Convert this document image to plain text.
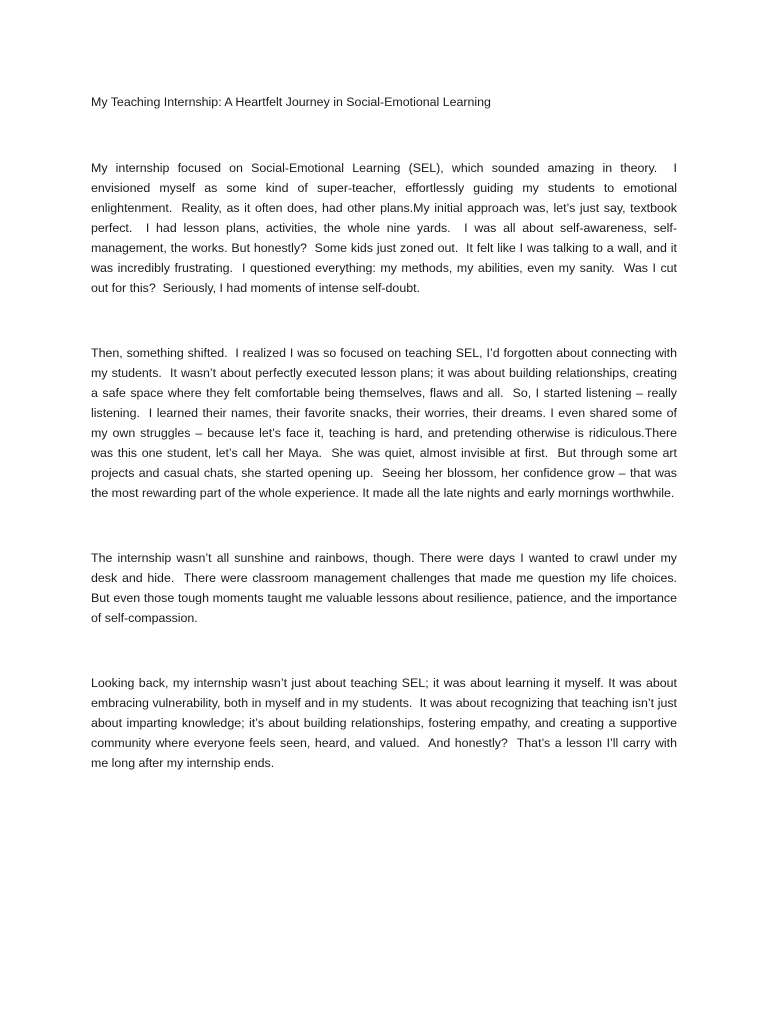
My Teaching Internship: A Heartfelt Journey in Social-Emotional Learning

My internship focused on Social-Emotional Learning (SEL), which sounded amazing in theory.  I envisioned myself as some kind of super-teacher, effortlessly guiding my students to emotional enlightenment.  Reality, as it often does, had other plans.My initial approach was, let’s just say, textbook perfect.  I had lesson plans, activities, the whole nine yards.  I was all about self-awareness, self-management, the works. But honestly?  Some kids just zoned out.  It felt like I was talking to a wall, and it was incredibly frustrating.  I questioned everything: my methods, my abilities, even my sanity.  Was I cut out for this?  Seriously, I had moments of intense self-doubt.

Then, something shifted.  I realized I was so focused on teaching SEL, I’d forgotten about connecting with my students.  It wasn’t about perfectly executed lesson plans; it was about building relationships, creating a safe space where they felt comfortable being themselves, flaws and all.  So, I started listening – really listening.  I learned their names, their favorite snacks, their worries, their dreams. I even shared some of my own struggles – because let’s face it, teaching is hard, and pretending otherwise is ridiculous.There was this one student, let’s call her Maya.  She was quiet, almost invisible at first.  But through some art projects and casual chats, she started opening up.  Seeing her blossom, her confidence grow – that was the most rewarding part of the whole experience. It made all the late nights and early mornings worthwhile.

The internship wasn’t all sunshine and rainbows, though. There were days I wanted to crawl under my desk and hide.  There were classroom management challenges that made me question my life choices.  But even those tough moments taught me valuable lessons about resilience, patience, and the importance of self-compassion.

Looking back, my internship wasn’t just about teaching SEL; it was about learning it myself. It was about embracing vulnerability, both in myself and in my students.  It was about recognizing that teaching isn’t just about imparting knowledge; it’s about building relationships, fostering empathy, and creating a supportive community where everyone feels seen, heard, and valued.  And honestly?  That’s a lesson I’ll carry with me long after my internship ends.
